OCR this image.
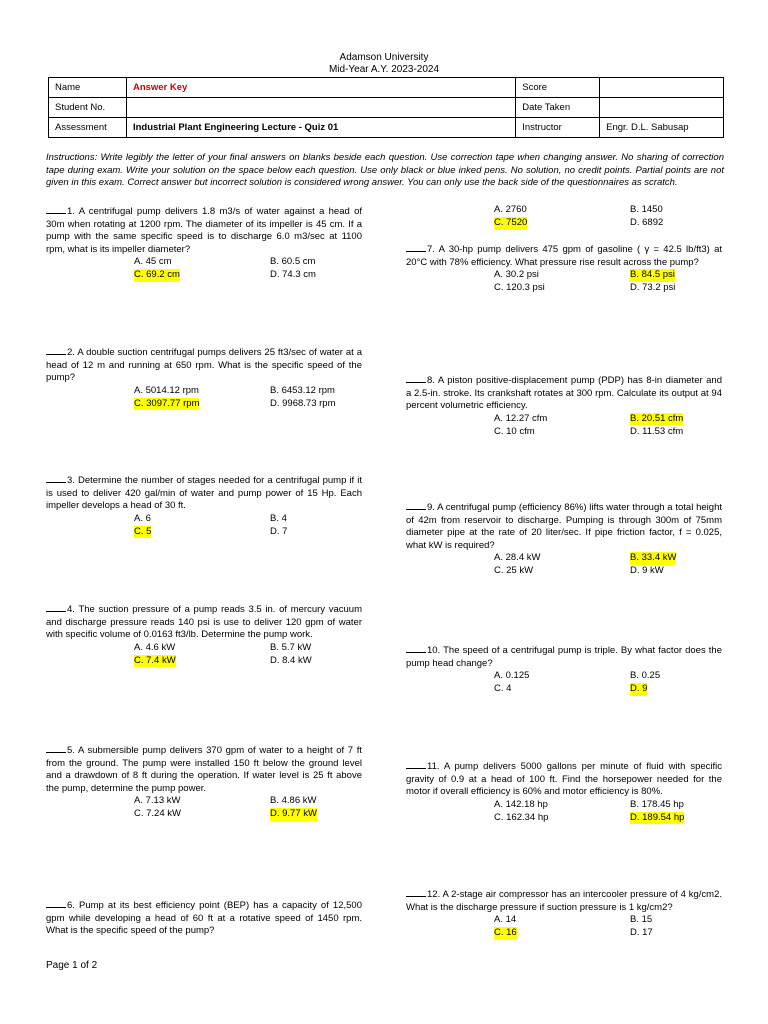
Adamson University
Mid-Year A.Y. 2023-2024
Name	Answer Key	Score	
Student No.		Date Taken	
Assessment	Industrial Plant Engineering Lecture - Quiz 01	Instructor	Engr. D.L. Sabusap
Instructions: Write legibly the letter of your final answers on blanks beside each question. Use correction tape when changing answer. No sharing of correction tape during exam. Write your solution on the space below each question. Use only black or blue inked pens. No solution, no credit points. Partial points are not given in this exam. Correct answer but incorrect solution is considered wrong answer. You can only use the back side of the questionnaires as scratch.
1. A centrifugal pump delivers 1.8 m3/s of water against a head of 30m when rotating at 1200 rpm. The diameter of its impeller is 45 cm. If a pump with the same specific speed is to discharge 6.0 m3/sec at 1100 rpm, what is its impeller diameter?
A. 45 cm	B. 60.5 cm
C. 69.2 cm	D. 74.3 cm
2. A double suction centrifugal pumps delivers 25 ft3/sec of water at a head of 12 m and running at 650 rpm. What is the specific speed of the pump?
A. 5014.12 rpm	B. 6453.12 rpm
C. 3097.77 rpm	D. 9968.73 rpm
3. Determine the number of stages needed for a centrifugal pump if it is used to deliver 420 gal/min of water and pump power of 15 Hp. Each impeller develops a head of 30 ft.
A. 6	B. 4
C. 5	D. 7
4. The suction pressure of a pump reads 3.5 in. of mercury vacuum and discharge pressure reads 140 psi is use to deliver 120 gpm of water with specific volume of 0.0163 ft3/lb. Determine the pump work.
A. 4.6 kW	B. 5.7 kW
C. 7.4 kW	D. 8.4 kW
5. A submersible pump delivers 370 gpm of water to a height of 7 ft from the ground. The pump were installed 150 ft below the ground level and a drawdown of 8 ft during the operation. If water level is 25 ft above the pump, determine the pump power.
A. 7.13 kW	B. 4.86 kW
C. 7.24 kW	D. 9.77 kW
A. 2760	B. 1450
C. 7520	D. 6892
6. Pump at its best efficiency point (BEP) has a capacity of 12,500 gpm while developing a head of 60 ft at a rotative speed of 1450 rpm. What is the specific speed of the pump?
7. A 30-hp pump delivers 475 gpm of gasoline ( γ = 42.5 lb/ft3) at 20°C with 78% efficiency. What pressure rise result across the pump?
A. 30.2 psi	B. 84.5 psi
C. 120.3 psi	D. 73.2 psi
8. A piston positive-displacement pump (PDP) has 8-in diameter and a 2.5-in. stroke. Its crankshaft rotates at 300 rpm. Calculate its output at 94 percent volumetric efficiency.
A. 12.27 cfm	B. 20.51 cfm
C. 10 cfm	D. 11.53 cfm
9. A centrifugal pump (efficiency 86%) lifts water through a total height of 42m from reservoir to discharge. Pumping is through 300m of 75mm diameter pipe at the rate of 20 liter/sec. If pipe friction factor, f = 0.025, what kW is required?
A. 28.4 kW	B. 33.4 kW
C. 25 kW	D. 9 kW
10. The speed of a centrifugal pump is triple. By what factor does the pump head change?
A. 0.125	B. 0.25
C. 4	D. 9
11. A pump delivers 5000 gallons per minute of fluid with specific gravity of 0.9 at a head of 100 ft. Find the horsepower needed for the motor if overall efficiency is 60% and motor efficiency is 80%.
A. 142.18 hp	B. 178.45 hp
C. 162.34 hp	D. 189.54 hp
12. A 2-stage air compressor has an intercooler pressure of 4 kg/cm2. What is the discharge pressure if suction pressure is 1 kg/cm2?
A. 14	B. 15
C. 16	D. 17
Page 1 of 2
